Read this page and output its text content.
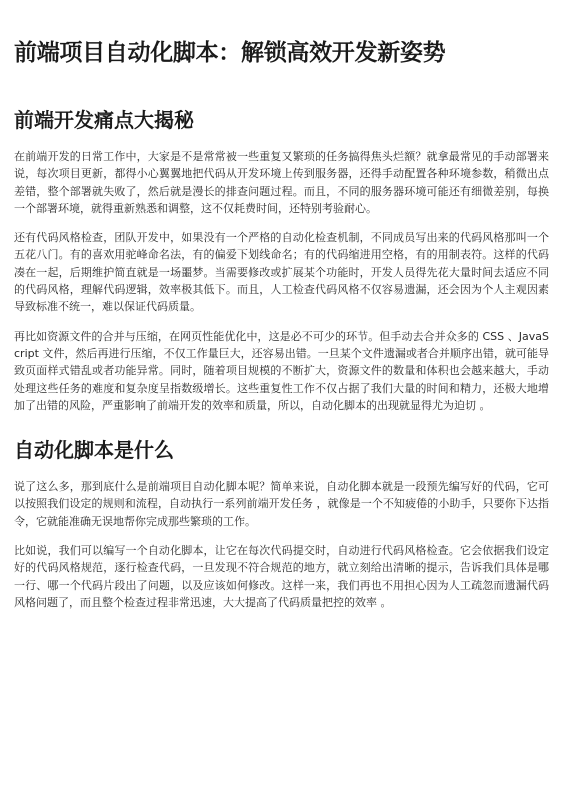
前端项目自动化脚本：解锁高效开发新姿势
前端开发痛点大揭秘

在前端开发的日常工作中，大家是不是常常被一些重复又繁琐的任务搞得焦头烂额？就拿最常见的手动部署来说，每次项目更新，都得小心翼翼地把代码从开发环境上传到服务器，还得手动配置各种环境参数，稍微出点差错，整个部署就失败了，然后就是漫长的排查问题过程。而且，不同的服务器环境可能还有细微差别，每换一个部署环境，就得重新熟悉和调整，这不仅耗费时间，还特别考验耐心。

还有代码风格检查，团队开发中，如果没有一个严格的自动化检查机制，不同成员写出来的代码风格那叫一个五花八门。有的喜欢用驼峰命名法，有的偏爱下划线命名；有的代码缩进用空格，有的用制表符。这样的代码凑在一起，后期维护简直就是一场噩梦。当需要修改或扩展某个功能时，开发人员得先花大量时间去适应不同的代码风格，理解代码逻辑，效率极其低下。而且，人工检查代码风格不仅容易遗漏，还会因为个人主观因素导致标准不统一，难以保证代码质量。

再比如资源文件的合并与压缩，在网页性能优化中，这是必不可少的环节。但手动去合并众多的 CSS 、JavaScript 文件，然后再进行压缩，不仅工作量巨大，还容易出错。一旦某个文件遗漏或者合并顺序出错，就可能导致页面样式错乱或者功能异常。同时，随着项目规模的不断扩大，资源文件的数量和体积也会越来越大，手动处理这些任务的难度和复杂度呈指数级增长。这些重复性工作不仅占据了我们大量的时间和精力，还极大地增加了出错的风险，严重影响了前端开发的效率和质量，所以，自动化脚本的出现就显得尤为迫切 。

自动化脚本是什么

说了这么多，那到底什么是前端项目自动化脚本呢？简单来说，自动化脚本就是一段预先编写好的代码，它可以按照我们设定的规则和流程，自动执行一系列前端开发任务 ，就像是一个不知疲倦的小助手，只要你下达指令，它就能准确无误地帮你完成那些繁琐的工作。

比如说，我们可以编写一个自动化脚本，让它在每次代码提交时，自动进行代码风格检查。它会依据我们设定好的代码风格规范，逐行检查代码，一旦发现不符合规范的地方，就立刻给出清晰的提示，告诉我们具体是哪一行、哪一个代码片段出了问题，以及应该如何修改。这样一来，我们再也不用担心因为人工疏忽而遗漏代码风格问题了，而且整个检查过程非常迅速，大大提高了代码质量把控的效率 。
